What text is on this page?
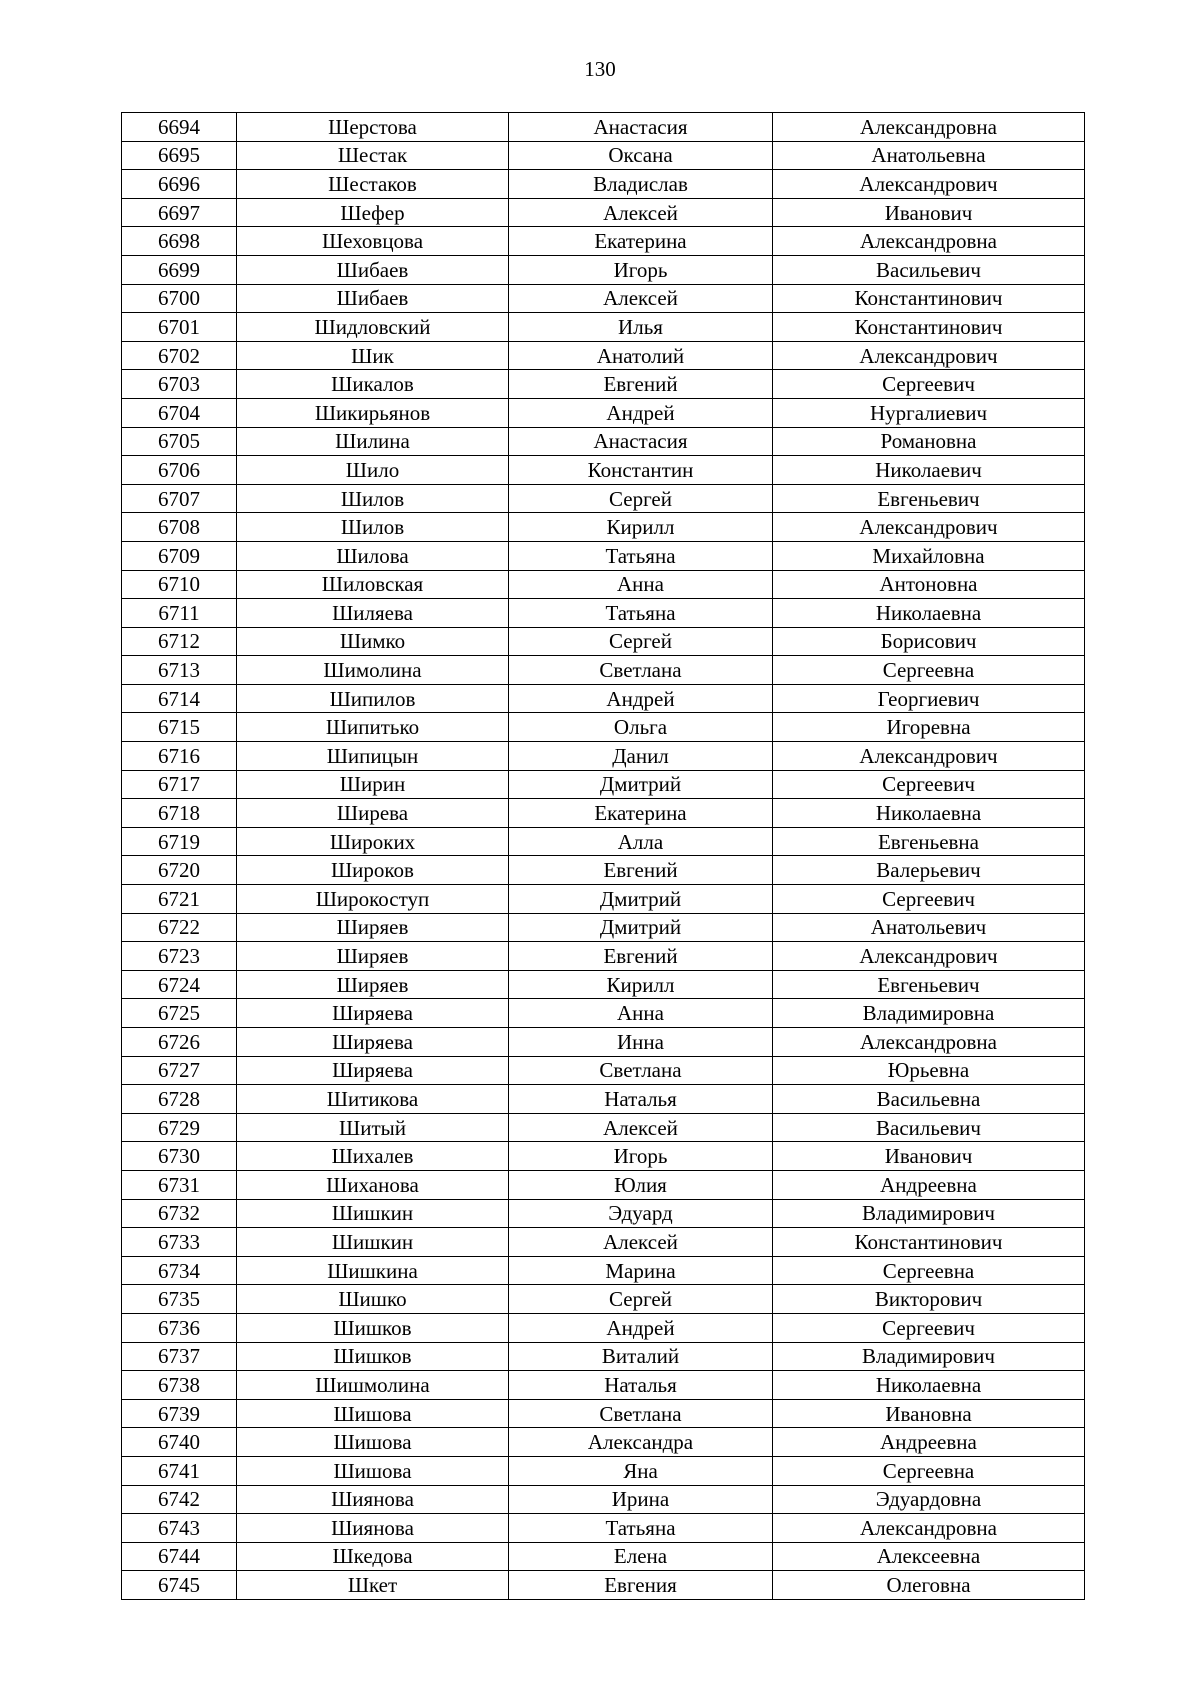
130
6694	Шерстова	Анастасия	Александровна
6695	Шестак	Оксана	Анатольевна
6696	Шестаков	Владислав	Александрович
6697	Шефер	Алексей	Иванович
6698	Шеховцова	Екатерина	Александровна
6699	Шибаев	Игорь	Васильевич
6700	Шибаев	Алексей	Константинович
6701	Шидловский	Илья	Константинович
6702	Шик	Анатолий	Александрович
6703	Шикалов	Евгений	Сергеевич
6704	Шикирьянов	Андрей	Нургалиевич
6705	Шилина	Анастасия	Романовна
6706	Шило	Константин	Николаевич
6707	Шилов	Сергей	Евгеньевич
6708	Шилов	Кирилл	Александрович
6709	Шилова	Татьяна	Михайловна
6710	Шиловская	Анна	Антоновна
6711	Шиляева	Татьяна	Николаевна
6712	Шимко	Сергей	Борисович
6713	Шимолина	Светлана	Сергеевна
6714	Шипилов	Андрей	Георгиевич
6715	Шипитько	Ольга	Игоревна
6716	Шипицын	Данил	Александрович
6717	Ширин	Дмитрий	Сергеевич
6718	Ширева	Екатерина	Николаевна
6719	Широких	Алла	Евгеньевна
6720	Широков	Евгений	Валерьевич
6721	Широкоступ	Дмитрий	Сергеевич
6722	Ширяев	Дмитрий	Анатольевич
6723	Ширяев	Евгений	Александрович
6724	Ширяев	Кирилл	Евгеньевич
6725	Ширяева	Анна	Владимировна
6726	Ширяева	Инна	Александровна
6727	Ширяева	Светлана	Юрьевна
6728	Шитикова	Наталья	Васильевна
6729	Шитый	Алексей	Васильевич
6730	Шихалев	Игорь	Иванович
6731	Шиханова	Юлия	Андреевна
6732	Шишкин	Эдуард	Владимирович
6733	Шишкин	Алексей	Константинович
6734	Шишкина	Марина	Сергеевна
6735	Шишко	Сергей	Викторович
6736	Шишков	Андрей	Сергеевич
6737	Шишков	Виталий	Владимирович
6738	Шишмолина	Наталья	Николаевна
6739	Шишова	Светлана	Ивановна
6740	Шишова	Александра	Андреевна
6741	Шишова	Яна	Сергеевна
6742	Шиянова	Ирина	Эдуардовна
6743	Шиянова	Татьяна	Александровна
6744	Шкедова	Елена	Алексеевна
6745	Шкет	Евгения	Олеговна
